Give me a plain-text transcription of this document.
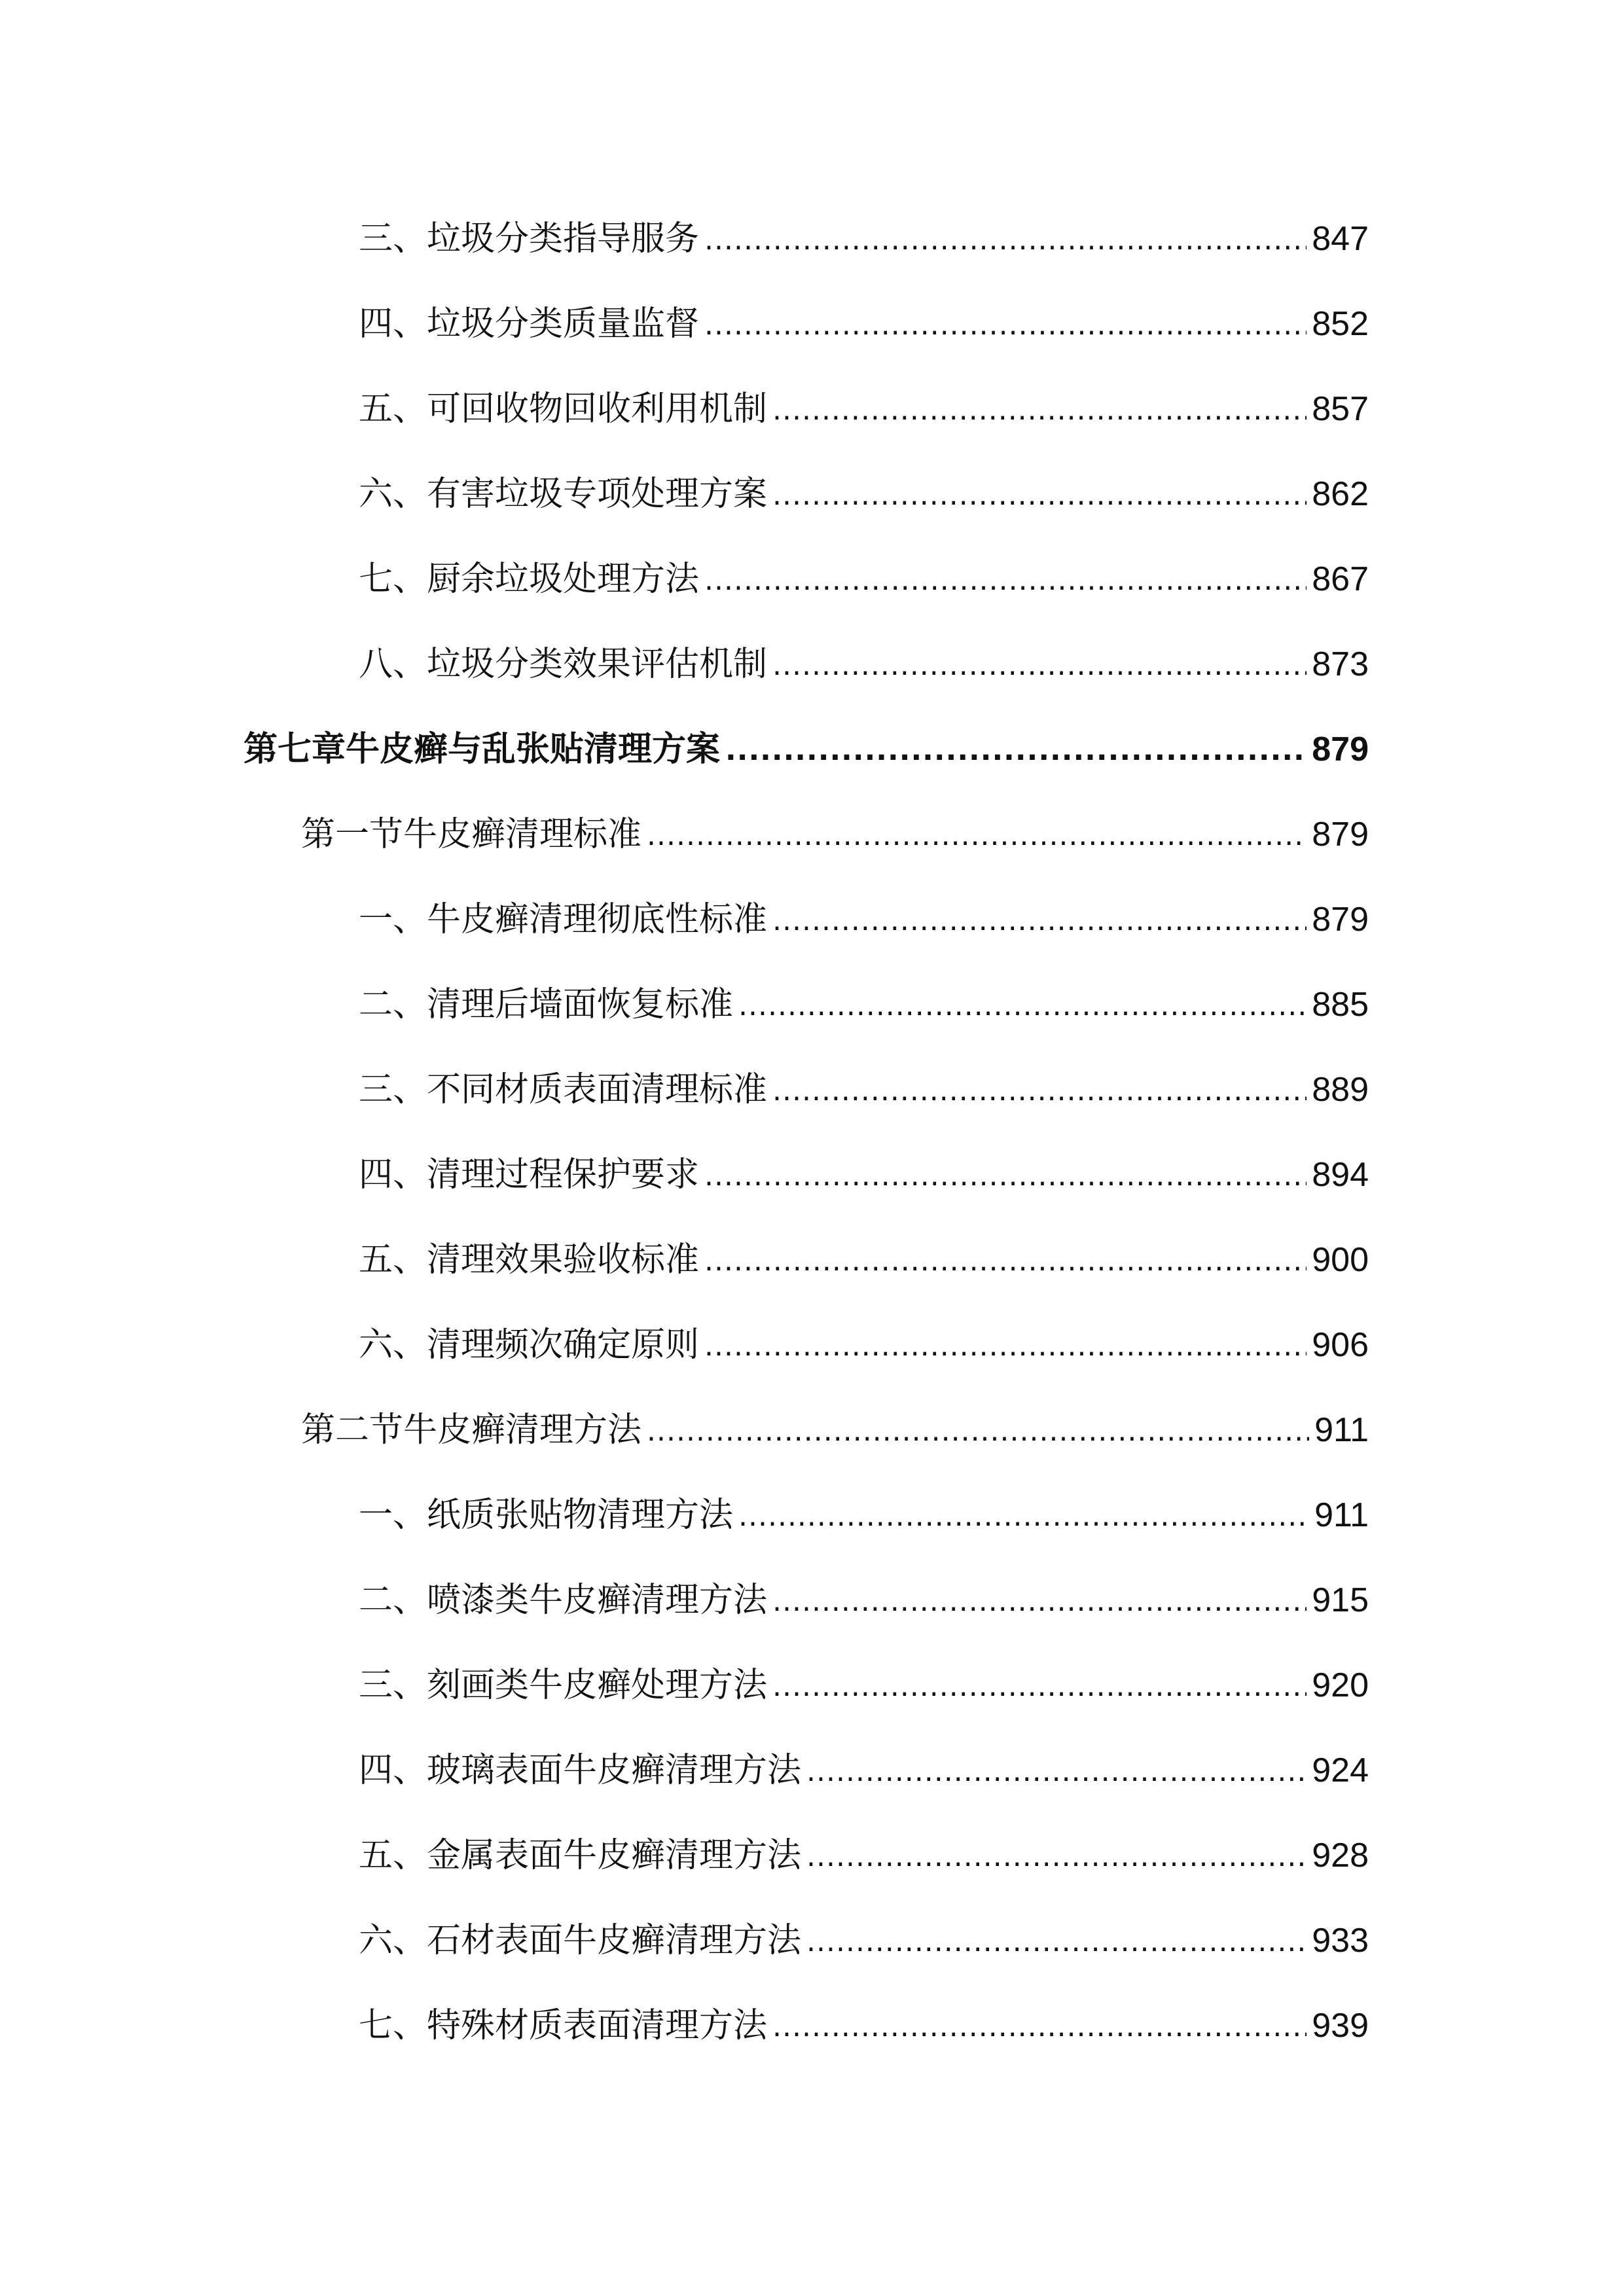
三、垃圾分类指导服务 .....	847
四、垃圾分类质量监督 .....	852
五、可回收物回收利用机制 .....	857
六、有害垃圾专项处理方案 .....	862
七、厨余垃圾处理方法 .....	867
八、垃圾分类效果评估机制 .....	873
第七章牛皮癣与乱张贴清理方案 .....	879
第一节牛皮癣清理标准 .....	879
一、牛皮癣清理彻底性标准 .....	879
二、清理后墙面恢复标准 .....	885
三、不同材质表面清理标准 .....	889
四、清理过程保护要求 .....	894
五、清理效果验收标准 .....	900
六、清理频次确定原则 .....	906
第二节牛皮癣清理方法 .....	911
一、纸质张贴物清理方法 .....	911
二、喷漆类牛皮癣清理方法 .....	915
三、刻画类牛皮癣处理方法 .....	920
四、玻璃表面牛皮癣清理方法 .....	924
五、金属表面牛皮癣清理方法 .....	928
六、石材表面牛皮癣清理方法 .....	933
七、特殊材质表面清理方法 .....	939
